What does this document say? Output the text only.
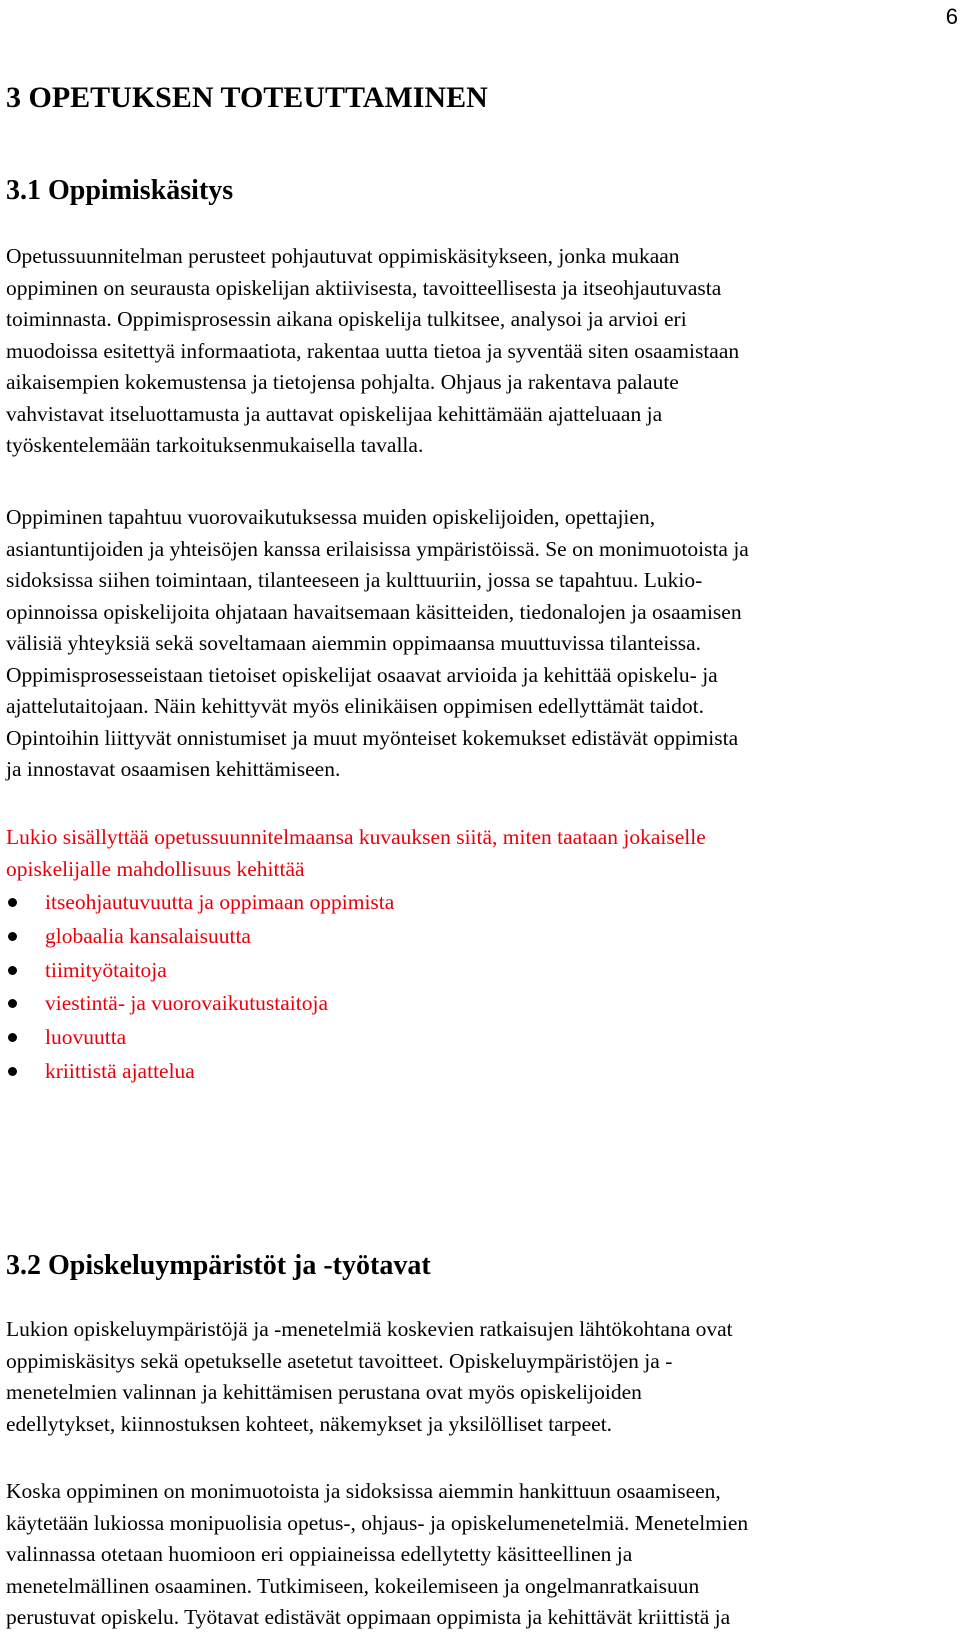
6
3 OPETUKSEN TOTEUTTAMINEN
3.1 Oppimiskäsitys
Opetussuunnitelman perusteet pohjautuvat oppimiskäsitykseen, jonka mukaan
oppiminen on seurausta opiskelijan aktiivisesta, tavoitteellisesta ja itseohjautuvasta
toiminnasta. Oppimisprosessin aikana opiskelija tulkitsee, analysoi ja arvioi eri
muodoissa esitettyä informaatiota, rakentaa uutta tietoa ja syventää siten osaamistaan
aikaisempien kokemustensa ja tietojensa pohjalta. Ohjaus ja rakentava palaute
vahvistavat itseluottamusta ja auttavat opiskelijaa kehittämään ajatteluaan ja
työskentelemään tarkoituksenmukaisella tavalla.
Oppiminen tapahtuu vuorovaikutuksessa muiden opiskelijoiden, opettajien,
asiantuntijoiden ja yhteisöjen kanssa erilaisissa ympäristöissä. Se on monimuotoista ja
sidoksissa siihen toimintaan, tilanteeseen ja kulttuuriin, jossa se tapahtuu. Lukio-
opinnoissa opiskelijoita ohjataan havaitsemaan käsitteiden, tiedonalojen ja osaamisen
välisiä yhteyksiä sekä soveltamaan aiemmin oppimaansa muuttuvissa tilanteissa.
Oppimisprosesseistaan tietoiset opiskelijat osaavat arvioida ja kehittää opiskelu- ja
ajattelutaitojaan. Näin kehittyvät myös elinikäisen oppimisen edellyttämät taidot.
Opintoihin liittyvät onnistumiset ja muut myönteiset kokemukset edistävät oppimista
ja innostavat osaamisen kehittämiseen.
Lukio sisällyttää opetussuunnitelmaansa kuvauksen siitä, miten taataan jokaiselle
opiskelijalle mahdollisuus kehittää
itseohjautuvuutta ja oppimaan oppimista
globaalia kansalaisuutta
tiimityötaitoja
viestintä- ja vuorovaikutustaitoja
luovuutta
kriittistä ajattelua
3.2 Opiskeluympäristöt ja -työtavat
Lukion opiskeluympäristöjä ja -menetelmiä koskevien ratkaisujen lähtökohtana ovat
oppimiskäsitys sekä opetukselle asetetut tavoitteet. Opiskeluympäristöjen ja -
menetelmien valinnan ja kehittämisen perustana ovat myös opiskelijoiden
edellytykset, kiinnostuksen kohteet, näkemykset ja yksilölliset tarpeet.
Koska oppiminen on monimuotoista ja sidoksissa aiemmin hankittuun osaamiseen,
käytetään lukiossa monipuolisia opetus-, ohjaus- ja opiskelumenetelmiä. Menetelmien
valinnassa otetaan huomioon eri oppiaineissa edellytetty käsitteellinen ja
menetelmällinen osaaminen. Tutkimiseen, kokeilemiseen ja ongelmanratkaisuun
perustuvat opiskelu. Työtavat edistävät oppimaan oppimista ja kehittävät kriittistä ja
